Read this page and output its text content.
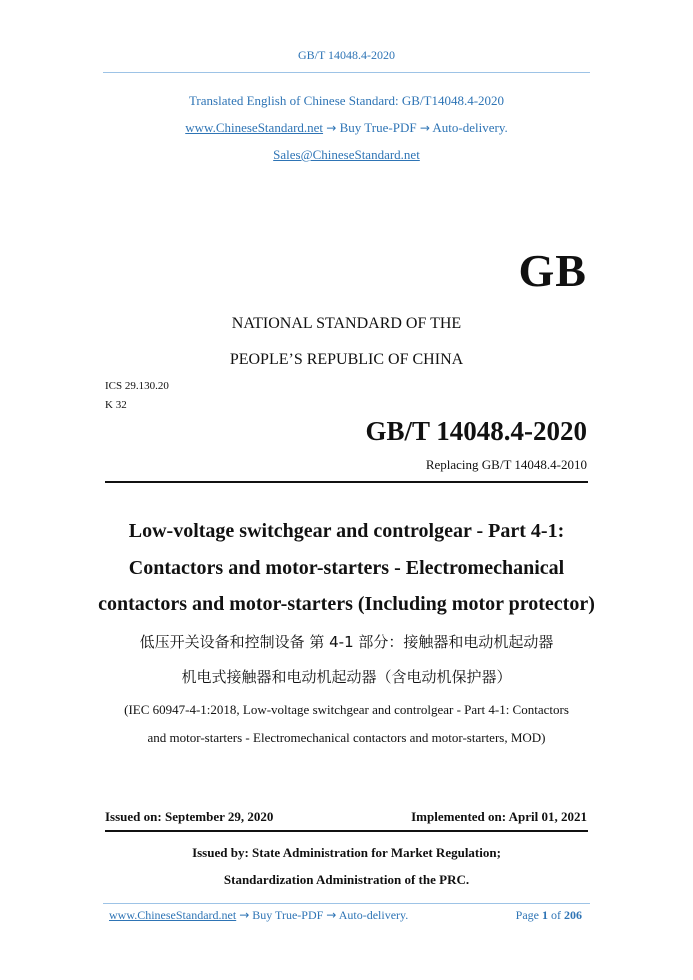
GB/T 14048.4-2020
Translated English of Chinese Standard: GB/T14048.4-2020
www.ChineseStandard.net → Buy True-PDF → Auto-delivery.
Sales@ChineseStandard.net
GB
NATIONAL STANDARD OF THE
PEOPLE’S REPUBLIC OF CHINA
ICS 29.130.20
K 32
GB/T 14048.4-2020
Replacing GB/T 14048.4-2010
Low-voltage switchgear and controlgear - Part 4-1:
Contactors and motor-starters - Electromechanical
contactors and motor-starters (Including motor protector)
低压开关设备和控制设备 第 4-1 部分：接触器和电动机起动器
机电式接触器和电动机起动器（含电动机保护器）
(IEC 60947-4-1:2018, Low-voltage switchgear and controlgear - Part 4-1: Contactors
and motor-starters - Electromechanical contactors and motor-starters, MOD)
Issued on: September 29, 2020	Implemented on: April 01, 2021
Issued by: State Administration for Market Regulation;
Standardization Administration of the PRC.
www.ChineseStandard.net → Buy True-PDF → Auto-delivery.	Page 1 of 206
